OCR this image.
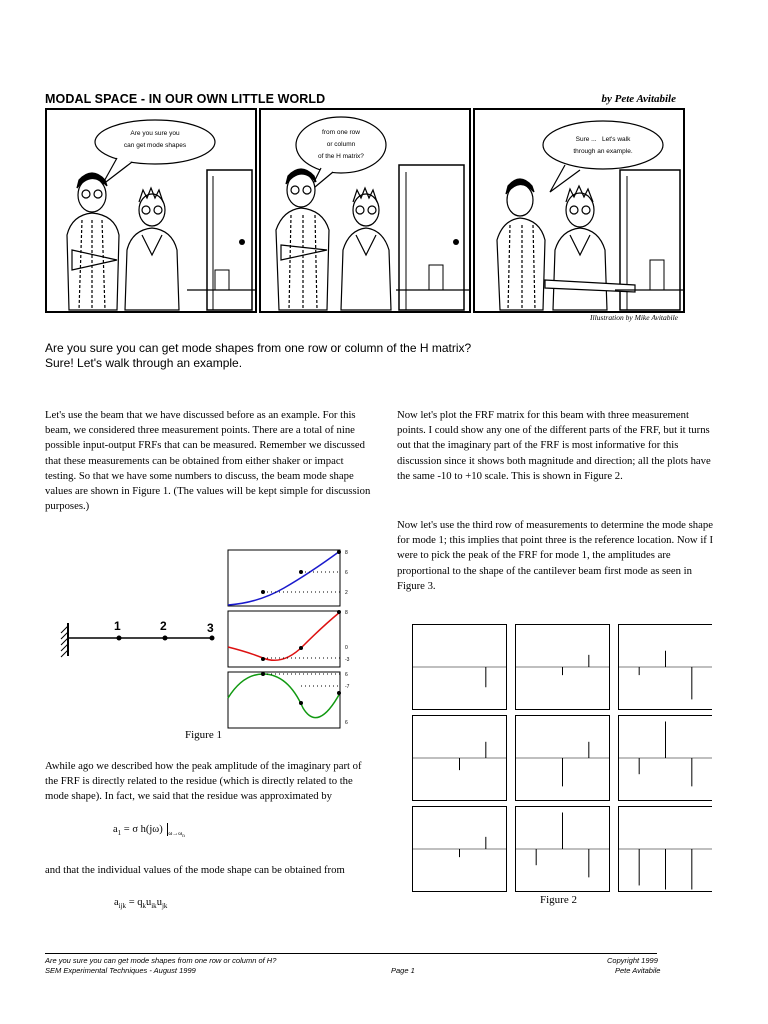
MODAL SPACE - IN OUR OWN LITTLE WORLD	by Pete Avitabile
Are you sure you
can get mode shapes
from one row
or column
of the H matrix?
Sure ...   Let's walk
through an example.
Illustration by Mike Avitabile
Are you sure you can get mode shapes from one row or column of the H matrix?
Sure! Let's walk through an example.
Let's use the beam that we have discussed before as an example. For this beam, we considered three measurement points. There are a total of nine possible input-output FRFs that can be measured. Remember we discussed that these measurements can be obtained from either shaker or impact testing. So that we have some numbers to discuss, the beam mode shape values are shown in Figure 1. (The values will be kept simple for discussion purposes.)
1	2	3
8
6
2
8
0
-3
6
-7
6
Figure 1
Awhile ago we described how the peak amplitude of the imaginary part of the FRF is directly related to the residue (which is directly related to the mode shape). In fact, we said that the residue was approximated by
$a_1 = \sigma$ h(jω) $_{\omega\to\omega_n}$
and that the individual values of the mode shape can be obtained from
$a_{ijk} = q_ku_{ik}u_{jk}$
Now let's plot the FRF matrix for this beam with three measurement points. I could show any one of the different parts of the FRF, but it turns out that the imaginary part of the FRF is most informative for this discussion since it shows both magnitude and direction; all the plots have the same -10 to +10 scale. This is shown in Figure 2.
Now let's use the third row of measurements to determine the mode shape for mode 1; this implies that point three is the reference location. Now if I were to pick the peak of the FRF for mode 1, the amplitudes are proportional to the shape of the cantilever beam first mode as seen in Figure 3.
Figure 2
Are you sure you can get mode shapes from one row or column of H?
SEM Experimental Techniques - August 1999	Page 1
Copyright 1999
Pete Avitabile
